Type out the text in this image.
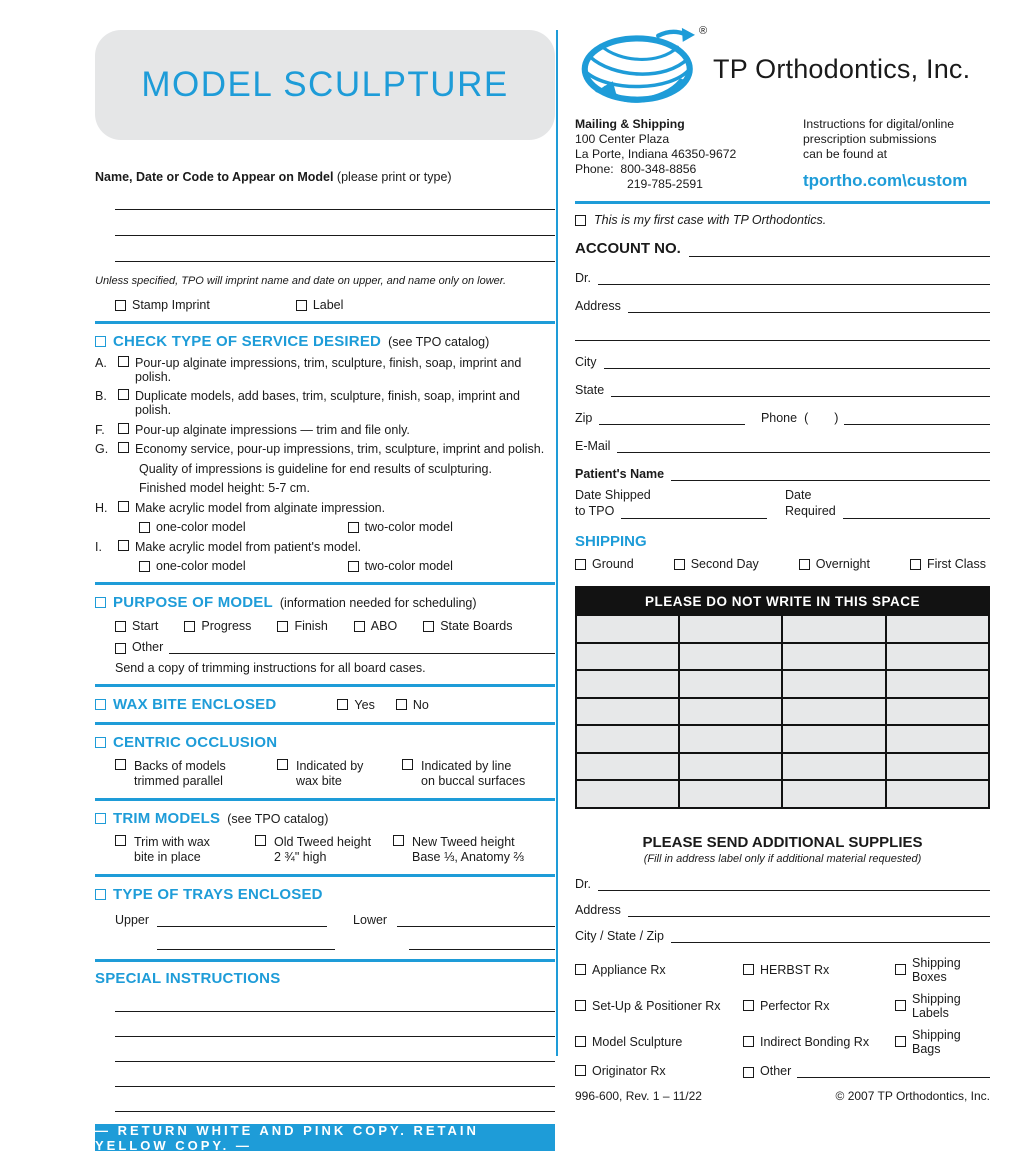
MODEL SCULPTURE
Name, Date or Code to Appear on Model (please print or type)
Unless specified, TPO will imprint name and date on upper, and name only on lower.
Stamp Imprint	Label
CHECK TYPE OF SERVICE DESIRED (see TPO catalog)
A.	Pour-up alginate impressions, trim, sculpture, finish, soap, imprint and polish.
B.	Duplicate models, add bases, trim, sculpture, finish, soap, imprint and polish.
F.	Pour-up alginate impressions — trim and file only.
G.	Economy service, pour-up impressions, trim, sculpture, imprint and polish.
Quality of impressions is guideline for end results of sculpturing.
Finished model height: 5-7 cm.
H.	Make acrylic model from alginate impression.
one-color model	two-color model
I.	Make acrylic model from patient's model.
one-color model	two-color model
PURPOSE OF MODEL (information needed for scheduling)
Start	Progress	Finish	ABO	State Boards
Other
Send a copy of trimming instructions for all board cases.
WAX BITE ENCLOSED	Yes	No
CENTRIC OCCLUSION
Backs of models
trimmed parallel
Indicated by
wax bite
Indicated by line
on buccal surfaces
TRIM MODELS (see TPO catalog)
Trim with wax
bite in place
Old Tweed height
2 ¾" high
New Tweed height
Base ⅓, Anatomy ⅔
TYPE OF TRAYS ENCLOSED
Upper	Lower
SPECIAL INSTRUCTIONS
— RETURN WHITE AND PINK COPY. RETAIN YELLOW COPY. —
®
TP Orthodontics, Inc.
Mailing & Shipping
100 Center Plaza
La Porte, Indiana 46350-9672
Phone: 800-348-8856
219-785-2591
Instructions for digital/online
prescription submissions
can be found at
tportho.com\custom
This is my first case with TP Orthodontics.
ACCOUNT NO.
Dr.
Address
City
State
Zip	Phone ( )
E-Mail
Patient's Name
Date Shipped
to TPO
Date
Required
SHIPPING
Ground	Second Day	Overnight	First Class
PLEASE DO NOT WRITE IN THIS SPACE			

PLEASE SEND ADDITIONAL SUPPLIES
(Fill in address label only if additional material requested)
Dr.
Address
City / State / Zip
Appliance Rx	HERBST Rx	Shipping Boxes
Set-Up & Positioner Rx	Perfector Rx	Shipping Labels
Model Sculpture	Indirect Bonding Rx	Shipping Bags
Originator Rx	Other
996-600, Rev. 1 – 11/22	© 2007 TP Orthodontics, Inc.
